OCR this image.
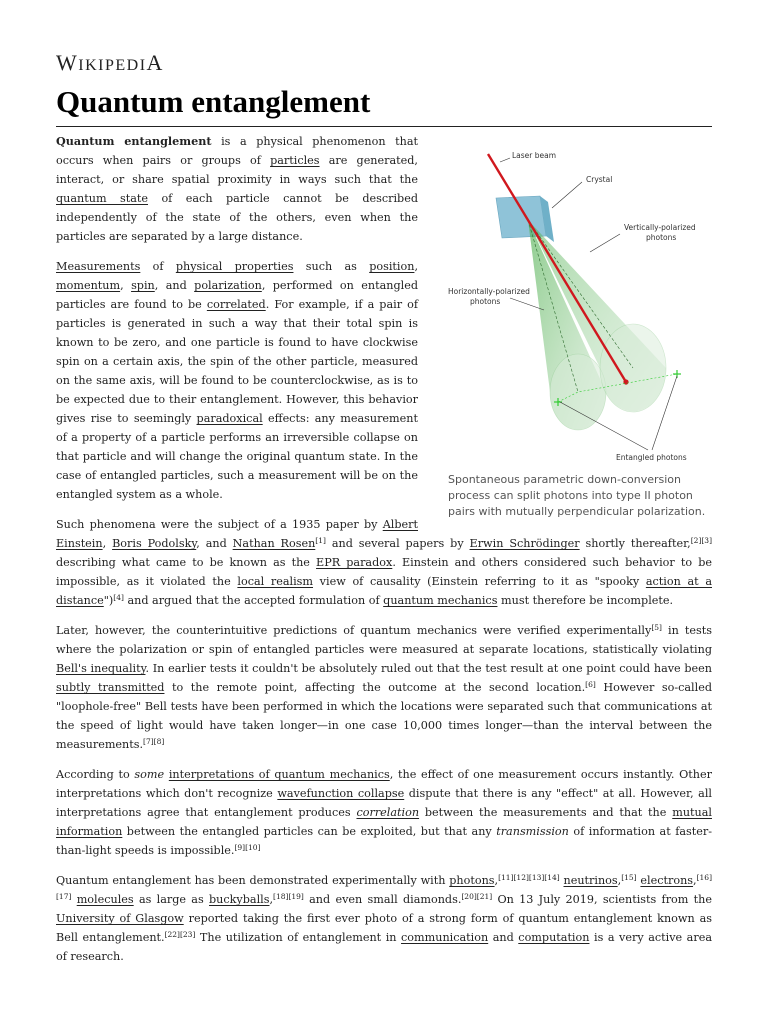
WIKIPEDIA
Quantum entanglement
Laser beam
Crystal
Vertically-polarized
photons
Horizontally-polarized
photons
Entangled photons
Spontaneous parametric down-conversion process can split photons into type II photon pairs with mutually perpendicular polarization.

Quantum entanglement is a physical phenomenon that occurs when pairs or groups of particles are generated, interact, or share spatial proximity in ways such that the quantum state of each particle cannot be described independently of the state of the others, even when the particles are separated by a large distance.

Measurements of physical properties such as position, momentum, spin, and polarization, performed on entangled particles are found to be correlated. For example, if a pair of particles is generated in such a way that their total spin is known to be zero, and one particle is found to have clockwise spin on a certain axis, the spin of the other particle, measured on the same axis, will be found to be counterclockwise, as is to be expected due to their entanglement. However, this behavior gives rise to seemingly paradoxical effects: any measurement of a property of a particle performs an irreversible collapse on that particle and will change the original quantum state. In the case of entangled particles, such a measurement will be on the entangled system as a whole.

Such phenomena were the subject of a 1935 paper by Albert Einstein, Boris Podolsky, and Nathan Rosen[1] and several papers by Erwin Schrödinger shortly thereafter,[2][3] describing what came to be known as the EPR paradox. Einstein and others considered such behavior to be impossible, as it violated the local realism view of causality (Einstein referring to it as "spooky action at a distance")[4] and argued that the accepted formulation of quantum mechanics must therefore be incomplete.

Later, however, the counterintuitive predictions of quantum mechanics were verified experimentally[5] in tests where the polarization or spin of entangled particles were measured at separate locations, statistically violating Bell's inequality. In earlier tests it couldn't be absolutely ruled out that the test result at one point could have been subtly transmitted to the remote point, affecting the outcome at the second location.[6] However so-called "loophole-free" Bell tests have been performed in which the locations were separated such that communications at the speed of light would have taken longer—in one case 10,000 times longer—than the interval between the measurements.[7][8]

According to some interpretations of quantum mechanics, the effect of one measurement occurs instantly. Other interpretations which don't recognize wavefunction collapse dispute that there is any "effect" at all. However, all interpretations agree that entanglement produces correlation between the measurements and that the mutual information between the entangled particles can be exploited, but that any transmission of information at faster-than-light speeds is impossible.[9][10]

Quantum entanglement has been demonstrated experimentally with photons,[11][12][13][14] neutrinos,[15] electrons,[16][17] molecules as large as buckyballs,[18][19] and even small diamonds.[20][21] On 13 July 2019, scientists from the University of Glasgow reported taking the first ever photo of a strong form of quantum entanglement known as Bell entanglement.[22][23] The utilization of entanglement in communication and computation is a very active area of research.
